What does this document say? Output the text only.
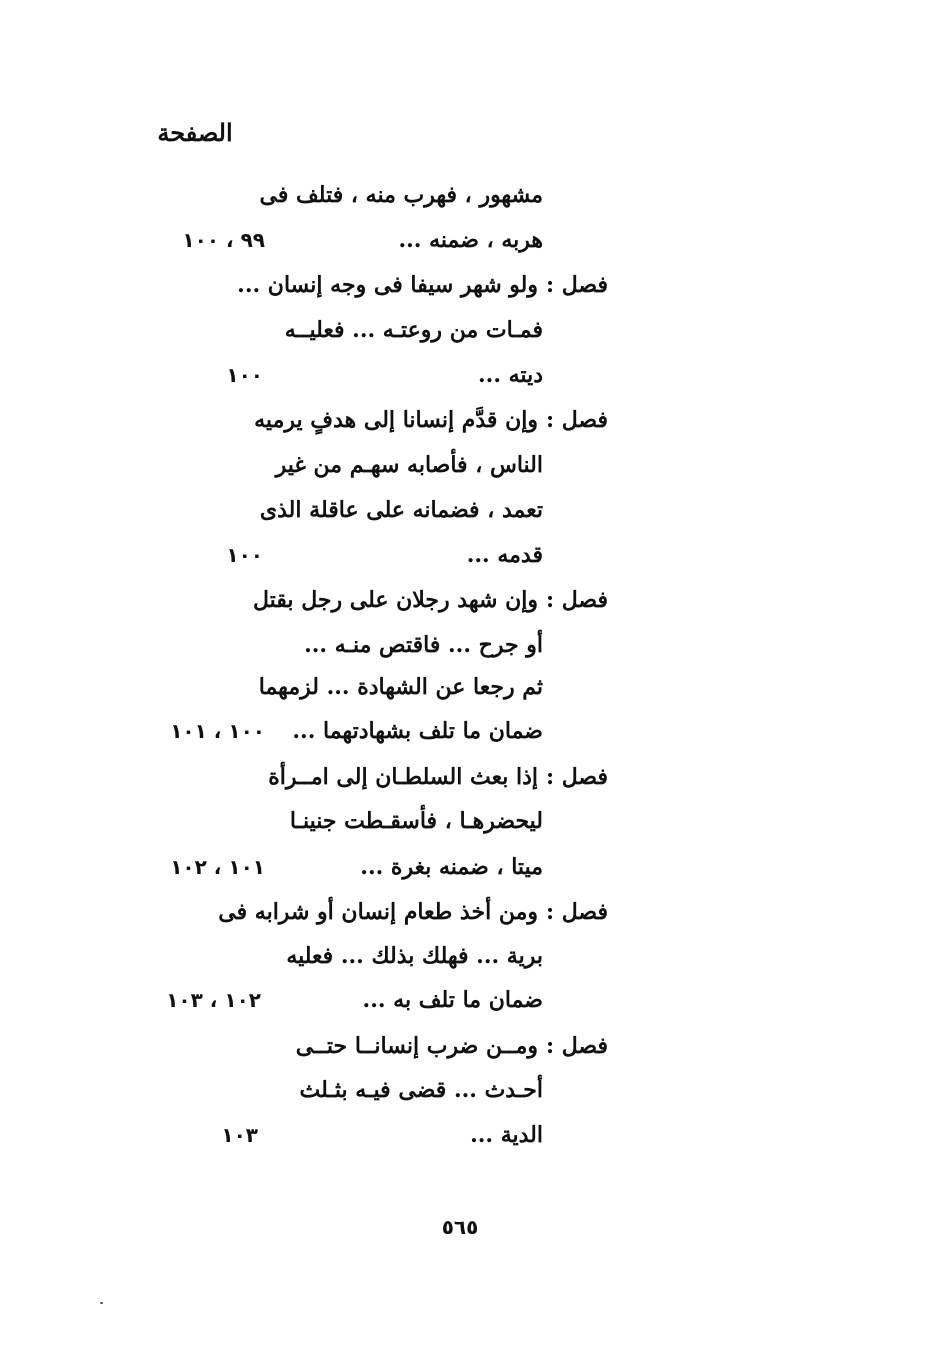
الصفحة
مشهور ، فهرب منه ، فتلف فى
هربه ، ضمنه ...
٩٩ ، ١٠٠
فصل :
ولو شهر سيفا فى وجه إنسان ...
فمـات من روعتـه ... فعليــه
ديته ...
١٠٠
فصل :
وإن قدَّم إنسانا إلى هدفٍ يرميه
الناس ، فأصابه سهـم من غير
تعمد ، فضمانه على عاقلة الذى
قدمه ...
١٠٠
فصل :
وإن شهد رجلان على رجل بقتل
أو جرح ... فاقتص منـه ...
ثم رجعا عن الشهادة ... لزمهما
ضمان ما تلف بشهادتهما ...
١٠٠ ، ١٠١
فصل :
إذا بعث السلطـان إلى امــرأة
ليحضرهـا ، فأسقـطت جنينـا
ميتا ، ضمنه بغرة ...
١٠١ ، ١٠٢
فصل :
ومن أخذ طعام إنسان أو شرابه فى
برية ... فهلك بذلك ... فعليه
ضمان ما تلف به ...
١٠٢ ، ١٠٣
فصل :
ومــن ضرب إنسانــا حتــى
أحـدث ... قضى فيـه بثـلث
الدية ...
١٠٣
٥٦٥
